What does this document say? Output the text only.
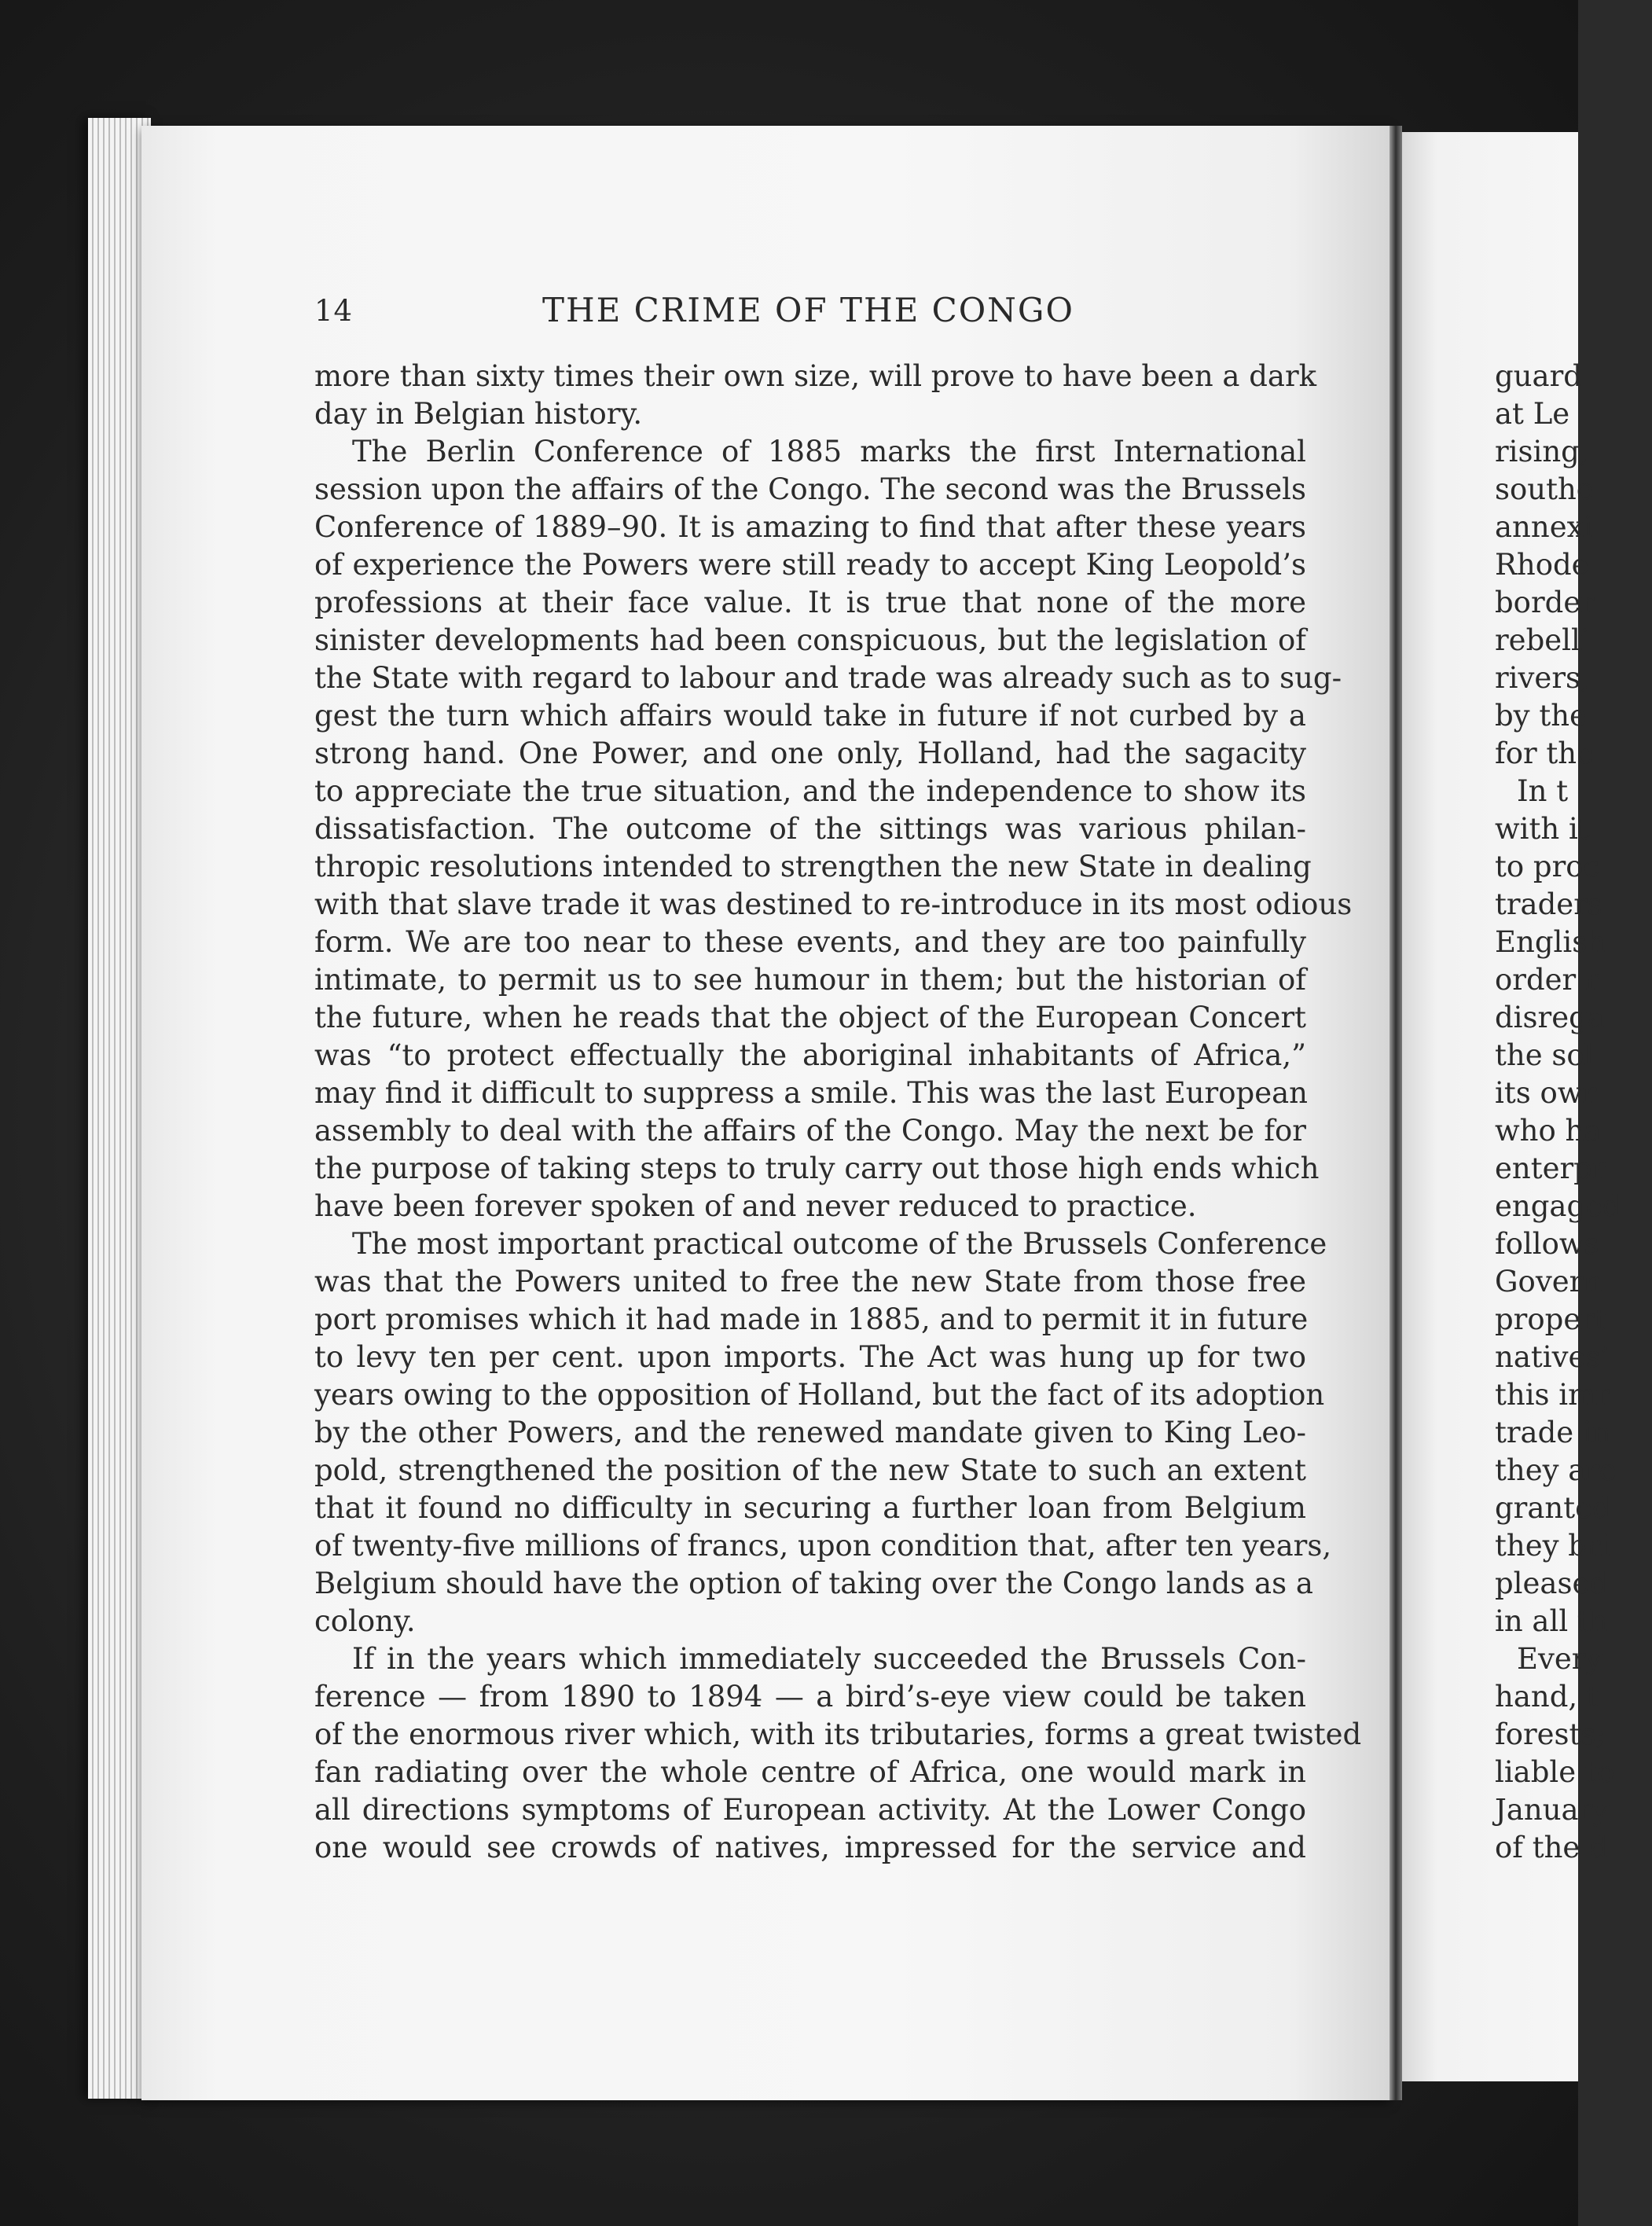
14	THE CRIME OF THE CONGO
more than sixty times their own size, will prove to have been a dark
day in Belgian history.
The Berlin Conference of 1885 marks the first International
session upon the affairs of the Congo. The second was the Brussels
Conference of 1889–90. It is amazing to find that after these years
of experience the Powers were still ready to accept King Leopold’s
professions at their face value. It is true that none of the more
sinister developments had been conspicuous, but the legislation of
the State with regard to labour and trade was already such as to sug-
gest the turn which affairs would take in future if not curbed by a
strong hand. One Power, and one only, Holland, had the sagacity
to appreciate the true situation, and the independence to show its
dissatisfaction. The outcome of the sittings was various philan-
thropic resolutions intended to strengthen the new State in dealing
with that slave trade it was destined to re-introduce in its most odious
form. We are too near to these events, and they are too painfully
intimate, to permit us to see humour in them; but the historian of
the future, when he reads that the object of the European Concert
was “to protect effectually the aboriginal inhabitants of Africa,”
may find it difficult to suppress a smile. This was the last European
assembly to deal with the affairs of the Congo. May the next be for
the purpose of taking steps to truly carry out those high ends which
have been forever spoken of and never reduced to practice.
The most important practical outcome of the Brussels Conference
was that the Powers united to free the new State from those free
port promises which it had made in 1885, and to permit it in future
to levy ten per cent. upon imports. The Act was hung up for two
years owing to the opposition of Holland, but the fact of its adoption
by the other Powers, and the renewed mandate given to King Leo-
pold, strengthened the position of the new State to such an extent
that it found no difficulty in securing a further loan from Belgium
of twenty-five millions of francs, upon condition that, after ten years,
Belgium should have the option of taking over the Congo lands as a
colony.
If in the years which immediately succeeded the Brussels Con-
ference — from 1890 to 1894 — a bird’s-eye view could be taken
of the enormous river which, with its tributaries, forms a great twisted
fan radiating over the whole centre of Africa, one would mark in
all directions symptoms of European activity. At the Lower Congo
one would see crowds of natives, impressed for the service and
guard
at Le
rising,
southe
annexi
Rhode
border
rebelli
rivers,
by the
for the
In t
with it
to proc
traders
English
order r
disrega
the sol
its owr
who ha
enterpr
engaged
follows
Govern
propert
natives’
this imr
trade in
they are
granted
they bri
pleased
in all th
Every
hand, t
forests;
liable to
January
of the d
